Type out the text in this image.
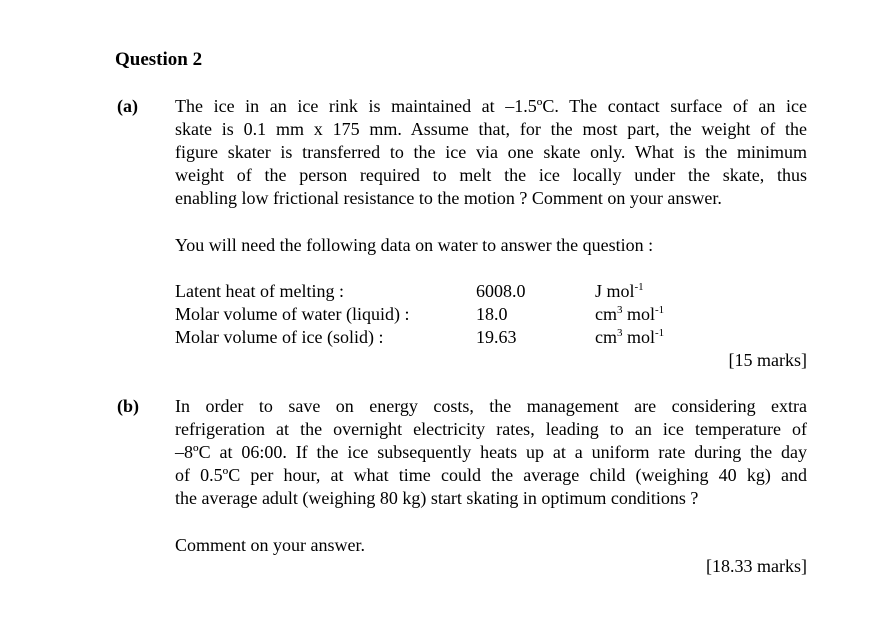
Question 2
(a) The ice in an ice rink is maintained at –1.5ºC. The contact surface of an ice
skate is 0.1 mm x 175 mm. Assume that, for the most part, the weight of the
figure skater is transferred to the ice via one skate only. What is the minimum
weight of the person required to melt the ice locally under the skate, thus
enabling low frictional resistance to the motion ? Comment on your answer.
You will need the following data on water to answer the question :
Latent heat of melting :	6008.0	J mol$^{-1}$
Molar volume of water (liquid) :	18.0	$cm^3$ mol$^{-1}$
Molar volume of ice (solid) :	19.63	$cm^3$ mol$^{-1}$
[15 marks]
(b) In order to save on energy costs, the management are considering extra
refrigeration at the overnight electricity rates, leading to an ice temperature of
–8ºC at 06:00. If the ice subsequently heats up at a uniform rate during the day
of 0.5ºC per hour, at what time could the average child (weighing 40 kg) and
the average adult (weighing 80 kg) start skating in optimum conditions ?
Comment on your answer.
[18.33 marks]
